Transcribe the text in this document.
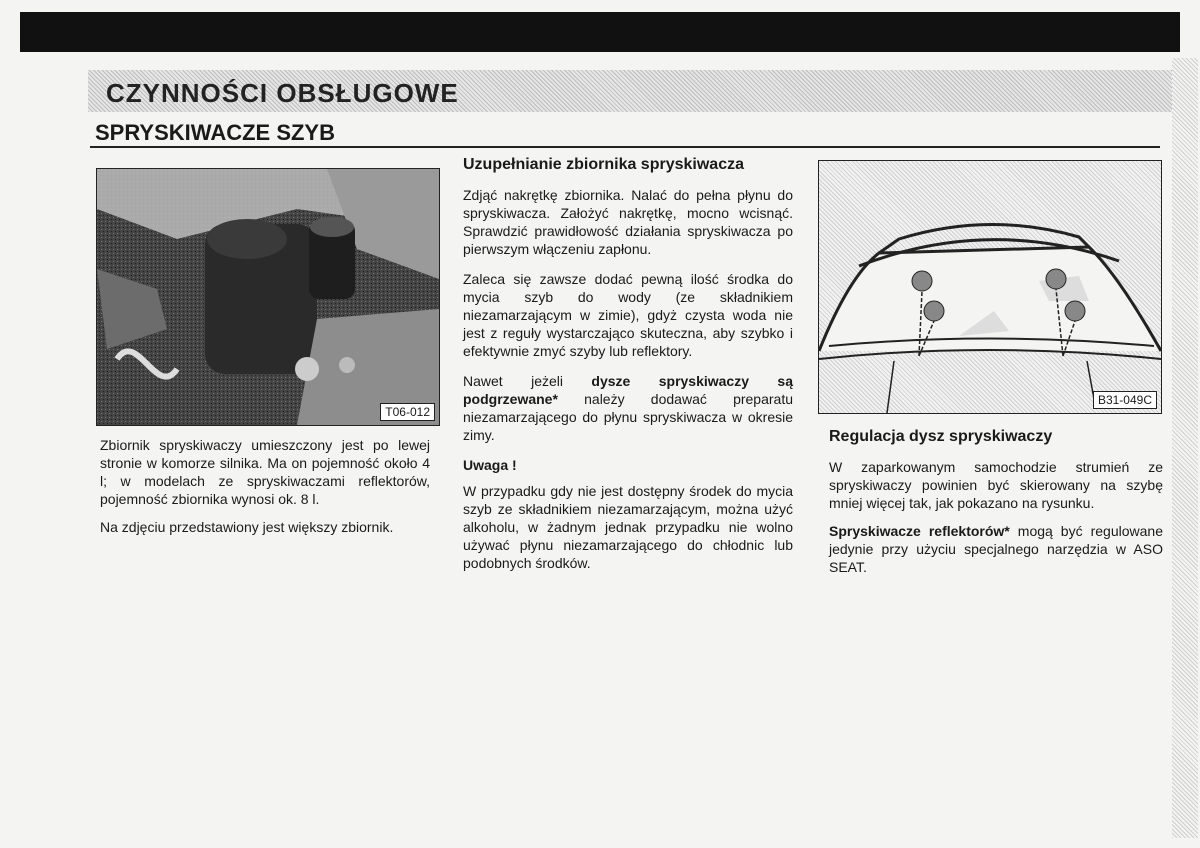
CZYNNOŚCI OBSŁUGOWE
SPRYSKIWACZE SZYB
T06-012

Zbiornik spryskiwaczy umieszczony jest po lewej stronie w komorze silnika. Ma on pojemność około 4 l; w modelach ze spryskiwaczami reflektorów, pojemność zbiornika wynosi ok. 8 l.

Na zdjęciu przedstawiony jest większy zbiornik.

Uzupełnianie zbiornika spryskiwacza

Zdjąć nakrętkę zbiornika. Nalać do pełna płynu do spryskiwacza. Założyć nakrętkę, mocno wcisnąć. Sprawdzić prawidłowość działania spryskiwacza po pierwszym włączeniu zapłonu.

Zaleca się zawsze dodać pewną ilość środka do mycia szyb do wody (ze składnikiem niezamarzającym w zimie), gdyż czysta woda nie jest z reguły wystarczająco skuteczna, aby szybko i efektywnie zmyć szyby lub reflektory.

Nawet jeżeli dysze spryskiwaczy są podgrzewane* należy dodawać preparatu niezamarzającego do płynu spryskiwacza w okresie zimy.

Uwaga !

W przypadku gdy nie jest dostępny środek do mycia szyb ze składnikiem niezamarzającym, można użyć alkoholu, w żadnym jednak przypadku nie wolno używać płynu niezamarzającego do chłodnic lub podobnych środków.

B31-049C
Regulacja dysz spryskiwaczy

W zaparkowanym samochodzie strumień ze spryskiwaczy powinien być skierowany na szybę mniej więcej tak, jak pokazano na rysunku.

Spryskiwacze reflektorów* mogą być regulowane jedynie przy użyciu specjalnego narzędzia w ASO SEAT.
